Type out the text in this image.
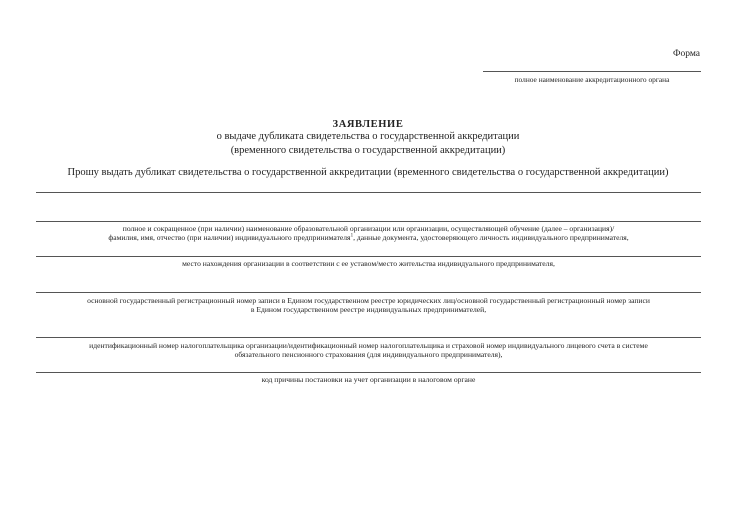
Форма
полное наименование аккредитационного органа
ЗАЯВЛЕНИЕ
о выдаче дубликата свидетельства о государственной аккредитации
(временного свидетельства о государственной аккредитации)
Прошу выдать дубликат свидетельства о государственной аккредитации (временного свидетельства о государственной аккредитации)
полное и сокращенное (при наличии) наименование образовательной организации или организации, осуществляющей обучение (далее – организация)/
фамилия, имя, отчество (при наличии) индивидуального предпринимателя$^1$, данные документа, удостоверяющего личность индивидуального предпринимателя,
место нахождения организации в соответствии с ее уставом/место жительства индивидуального предпринимателя,
основной государственный регистрационный номер записи в Едином государственном реестре юридических лиц/основной государственный регистрационный номер записи
в Едином государственном реестре индивидуальных предпринимателей,
идентификационный номер налогоплательщика организации/идентификационный номер налогоплательщика и страховой номер индивидуального лицевого счета в системе
обязательного пенсионного страхования (для индивидуального предпринимателя),
код причины постановки на учет организации в налоговом органе
